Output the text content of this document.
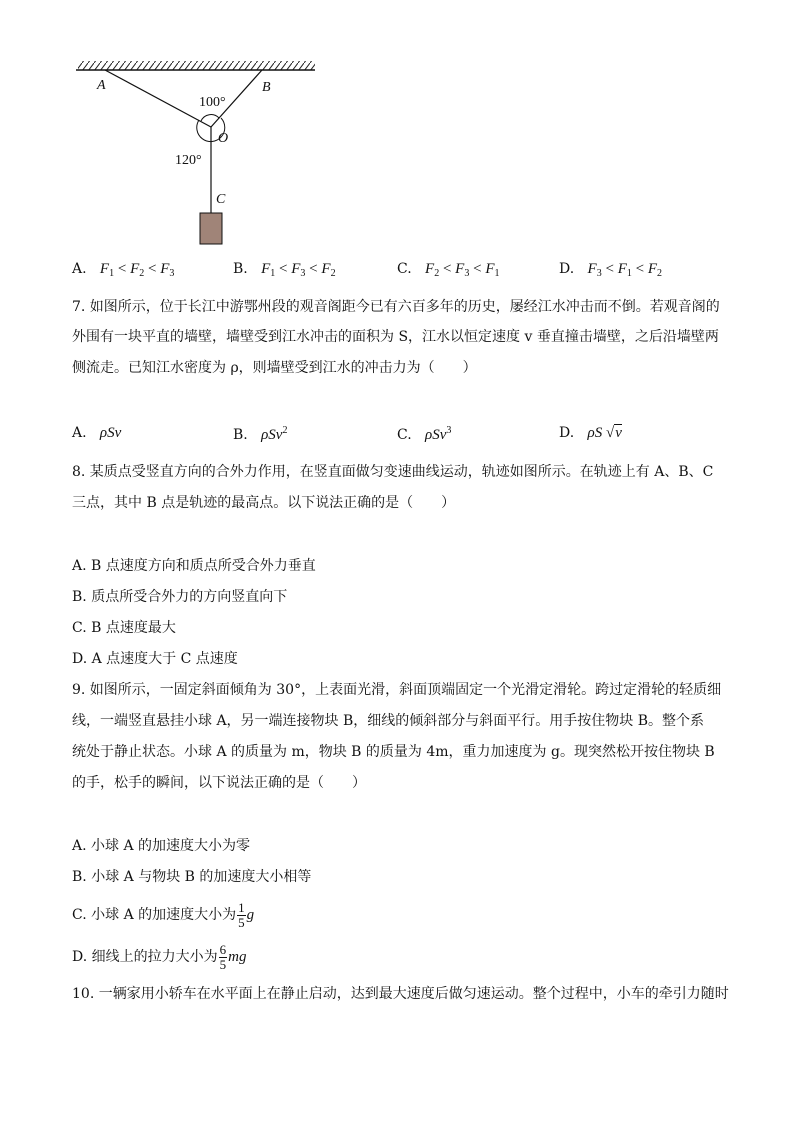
A	B
O
C
100°
120°
A. $F_1 < F_2 < F_3$	B. $F_1 < F_3 < F_2$	C. $F_2 < F_3 < F_1$	D. $F_3 < F_1 < F_2$
7. 如图所示，位于长江中游鄂州段的观音阁距今已有六百多年的历史，屡经江水冲击而不倒。若观音阁的
外围有一块平直的墙壁，墙壁受到江水冲击的面积为 S，江水以恒定速度 v 垂直撞击墙壁，之后沿墙壁两
侧流走。已知江水密度为 ρ，则墙壁受到江水的冲击力为（　　）
A. ρSv	B. ρSv$^2$	C. ρSv$^3$	D. ρS √v
8. 某质点受竖直方向的合外力作用，在竖直面做匀变速曲线运动，轨迹如图所示。在轨迹上有 A、B、C
三点，其中 B 点是轨迹的最高点。以下说法正确的是（　　）
A. B 点速度方向和质点所受合外力垂直
B. 质点所受合外力的方向竖直向下
C. B 点速度最大
D. A 点速度大于 C 点速度
9. 如图所示，一固定斜面倾角为 30°，上表面光滑，斜面顶端固定一个光滑定滑轮。跨过定滑轮的轻质细
线，一端竖直悬挂小球 A，另一端连接物块 B，细线的倾斜部分与斜面平行。用手按住物块 B。整个系
统处于静止状态。小球 A 的质量为 m，物块 B 的质量为 4m，重力加速度为 g。现突然松开按住物块 B
的手，松手的瞬间，以下说法正确的是（　　）
A. 小球 A 的加速度大小为零
B. 小球 A 与物块 B 的加速度大小相等
C. 小球 A 的加速度大小为 $\frac{1}{5}$ g
D. 细线上的拉力大小为 $\frac{6}{5}$ mg
10. 一辆家用小轿车在水平面上在静止启动，达到最大速度后做匀速运动。整个过程中，小车的牵引力随时
